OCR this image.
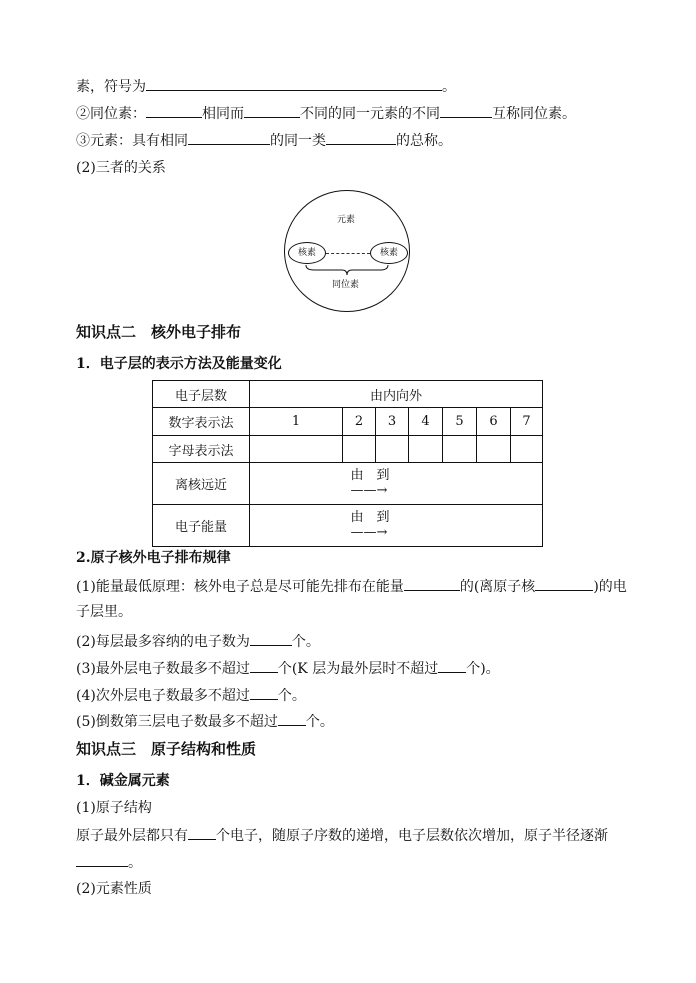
素，符号为	。
②同位素：	相同而	不同的同一元素的不同	互称同位素。
③元素：具有相同	的同一类	的总称。
(2)三者的关系
元素
核素	核素
同位素
知识点二　核外电子排布
1．电子层的表示方法及能量变化
电子层数	由内向外						
数字表示法	1	2	3	4	5	6	7
字母表示法							
离核远近	由　到
——→						
电子能量	由　到
——→						
2.原子核外电子排布规律
(1)能量最低原理：核外电子总是尽可能先排布在能量	的(离原子核	)的电
子层里。
(2)每层最多容纳的电子数为	个。
(3)最外层电子数最多不超过 个(K 层为最外层时不超过 个)。
(4)次外层电子数最多不超过 个。
(5)倒数第三层电子数最多不超过 个。
知识点三　原子结构和性质
1．碱金属元素
(1)原子结构
原子最外层都只有 个电子，随原子序数的递增，电子层数依次增加，原子半径逐渐
。
(2)元素性质
